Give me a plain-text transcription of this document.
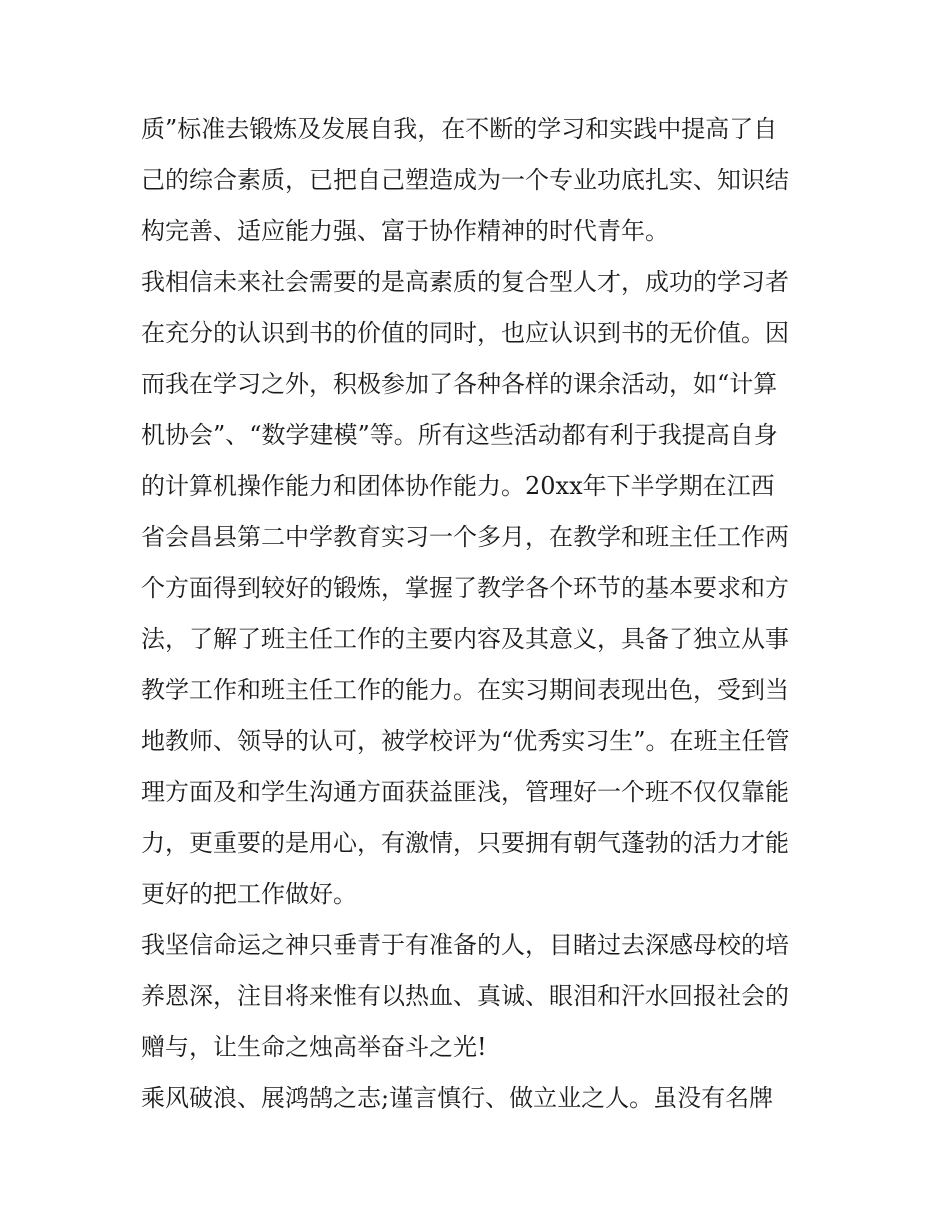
质”标准去锻炼及发展自我，在不断的学习和实践中提高了自
己的综合素质，已把自己塑造成为一个专业功底扎实、知识结
构完善、适应能力强、富于协作精神的时代青年。
我相信未来社会需要的是高素质的复合型人才，成功的学习者
在充分的认识到书的价值的同时，也应认识到书的无价值。因
而我在学习之外，积极参加了各种各样的课余活动，如“计算
机协会”、“数学建模”等。所有这些活动都有利于我提高自身
的计算机操作能力和团体协作能力。20xx年下半学期在江西
省会昌县第二中学教育实习一个多月，在教学和班主任工作两
个方面得到较好的锻炼，掌握了教学各个环节的基本要求和方
法，了解了班主任工作的主要内容及其意义，具备了独立从事
教学工作和班主任工作的能力。在实习期间表现出色，受到当
地教师、领导的认可，被学校评为“优秀实习生”。在班主任管
理方面及和学生沟通方面获益匪浅，管理好一个班不仅仅靠能
力，更重要的是用心，有激情，只要拥有朝气蓬勃的活力才能
更好的把工作做好。
我坚信命运之神只垂青于有准备的人，目睹过去深感母校的培
养恩深，注目将来惟有以热血、真诚、眼泪和汗水回报社会的
赠与，让生命之烛高举奋斗之光!
乘风破浪、展鸿鹄之志;谨言慎行、做立业之人。虽没有名牌
